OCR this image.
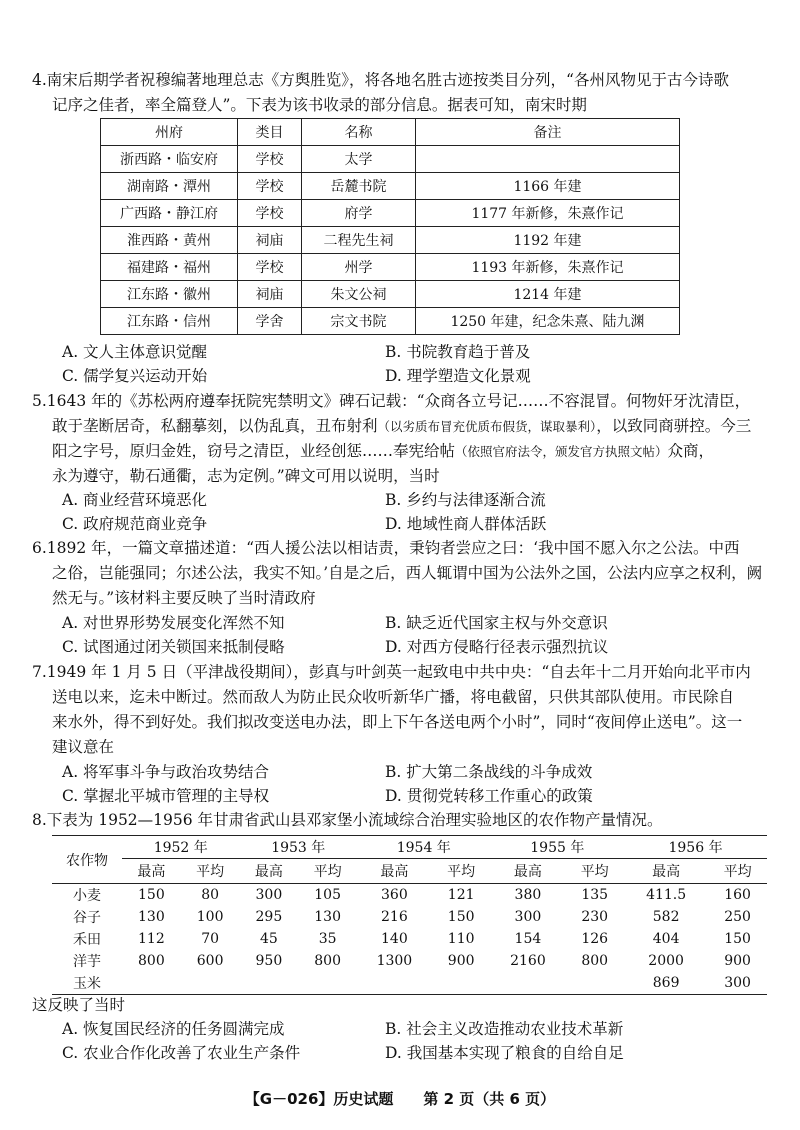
4.南宋后期学者祝穆编著地理总志《方舆胜览》，将各地名胜古迹按类目分列，“各州风物见于古今诗歌
记序之佳者，率全篇登人”。下表为该书收录的部分信息。据表可知，南宋时期
州府	类目	名称	备注
浙西路・临安府	学校	太学	
湖南路・潭州	学校	岳麓书院	1166 年建
广西路・静江府	学校	府学	1177 年新修，朱熹作记
淮西路・黄州	祠庙	二程先生祠	1192 年建
福建路・福州	学校	州学	1193 年新修，朱熹作记
江东路・徽州	祠庙	朱文公祠	1214 年建
江东路・信州	学舍	宗文书院	1250 年建，纪念朱熹、陆九渊
A. 文人主体意识觉醒	B. 书院教育趋于普及
C. 儒学复兴运动开始	D. 理学塑造文化景观
5.1643 年的《苏松两府遵奉抚院宪禁明文》碑石记载：“众商各立号记……不容混冒。何物奸牙沈清臣，
敢于垄断居奇，私翻摹刻，以伪乱真，丑布射利（以劣质布冒充优质布假货，谋取暴利），以致同商骈控。今三
阳之字号，原归金姓，窃号之清臣，业经创惩……奉宪给帖（依照官府法令，颁发官方执照文帖）众商，
永为遵守，勒石通衢，志为定例。”碑文可用以说明，当时
A. 商业经营环境恶化	B. 乡约与法律逐渐合流
C. 政府规范商业竞争	D. 地域性商人群体活跃
6.1892 年，一篇文章描述道：“西人援公法以相诘责，秉钧者尝应之曰：‘我中国不愿入尔之公法。中西
之俗，岂能强同；尔述公法，我实不知。’自是之后，西人辄谓中国为公法外之国，公法内应享之权利，阙
然无与。”该材料主要反映了当时清政府
A. 对世界形势发展变化浑然不知	B. 缺乏近代国家主权与外交意识
C. 试图通过闭关锁国来抵制侵略	D. 对西方侵略行径表示强烈抗议
7.1949 年 1 月 5 日（平津战役期间），彭真与叶剑英一起致电中共中央：“自去年十二月开始向北平市内
送电以来，迄未中断过。然而敌人为防止民众收听新华广播，将电截留，只供其部队使用。市民除自
来水外，得不到好处。我们拟改变送电办法，即上下午各送电两个小时”，同时“夜间停止送电”。这一
建议意在
A. 将军事斗争与政治攻势结合	B. 扩大第二条战线的斗争成效
C. 掌握北平城市管理的主导权	D. 贯彻党转移工作重心的政策
8.下表为 1952—1956 年甘肃省武山县邓家堡小流域综合治理实验地区的农作物产量情况。
农作物	1952 年		1953 年		1954 年		1955 年		1956 年	
	最高	平均	最高	平均	最高	平均	最高	平均	最高	平均
小麦	150	80	300	105	360	121	380	135	411.5	160
谷子	130	100	295	130	216	150	300	230	582	250
禾田	112	70	45	35	140	110	154	126	404	150
洋芋	800	600	950	800	1300	900	2160	800	2000	900
玉米									869	300
这反映了当时
A. 恢复国民经济的任务圆满完成	B. 社会主义改造推动农业技术革新
C. 农业合作化改善了农业生产条件	D. 我国基本实现了粮食的自给自足
【G－026】历史试题　　第 2 页（共 6 页）
